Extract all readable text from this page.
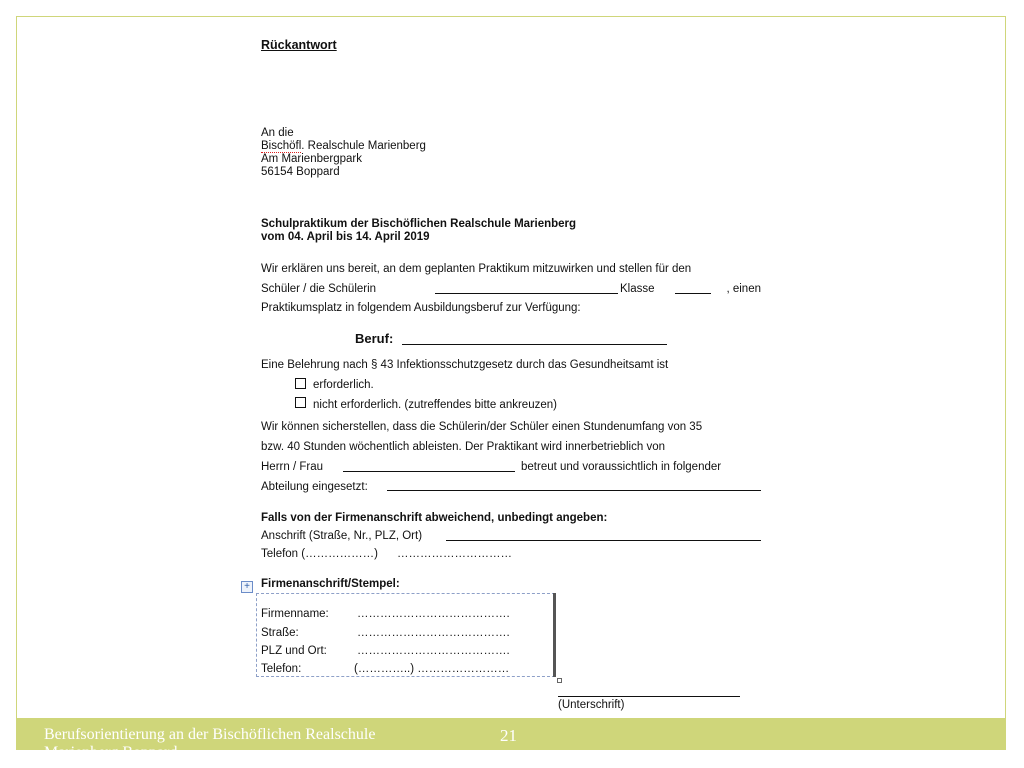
Rückantwort
An die
Bischöfl. Realschule Marienberg
Am Marienbergpark
56154 Boppard
Schulpraktikum der Bischöflichen Realschule Marienberg
vom 04. April bis 14. April 2019
Wir erklären uns bereit, an dem geplanten Praktikum mitzuwirken und stellen für den
Schüler / die Schülerin	Klasse	, einen
Praktikumsplatz in folgendem Ausbildungsberuf zur Verfügung:
Beruf:
Eine Belehrung nach § 43 Infektionsschutzgesetz durch das Gesundheitsamt ist
erforderlich.
nicht erforderlich. (zutreffendes bitte ankreuzen)
Wir können sicherstellen, dass die Schülerin/der Schüler einen Stundenumfang von 35
bzw. 40 Stunden wöchentlich ableisten. Der Praktikant wird innerbetrieblich von
Herrn / Frau	betreut und voraussichtlich in folgender
Abteilung eingesetzt:
Falls von der Firmenanschrift abweichend, unbedingt angeben:
Anschrift (Straße, Nr., PLZ, Ort)
Telefon (………………) …………………………
+ Firmenanschrift/Stempel:
Firmenname: ………………………………….
Straße:	………………………………….
PLZ und Ort:	………………………………….
Telefon:	(…………..) ……………………
(Unterschrift)
Berufsorientierung an der Bischöflichen Realschule Marienberg Boppard
21
